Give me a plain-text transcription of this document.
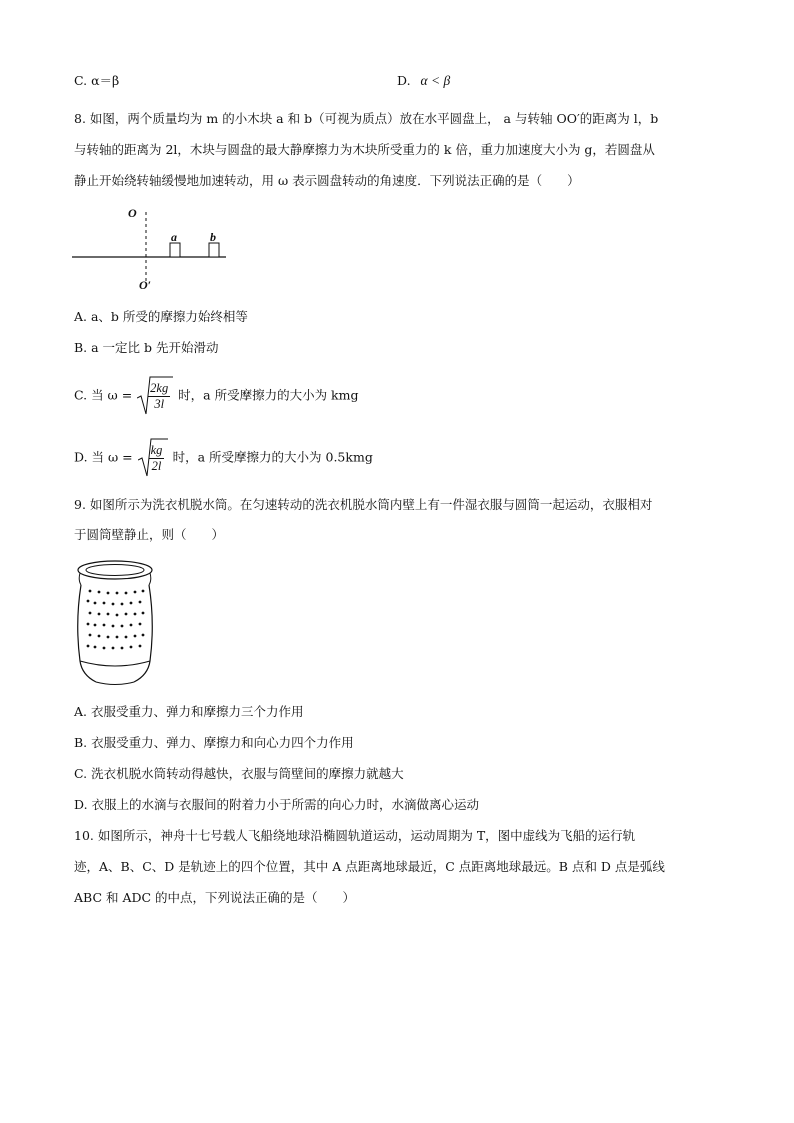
C. α＝β	D. α < β
8. 如图，两个质量均为 m 的小木块 a 和 b（可视为质点）放在水平圆盘上， a 与转轴 OO′的距离为 l，b
与转轴的距离为 2l，木块与圆盘的最大静摩擦力为木块所受重力的 k 倍，重力加速度大小为 g，若圆盘从
静止开始绕转轴缓慢地加速转动，用 ω 表示圆盘转动的角速度．下列说法正确的是（　　）
O
O′
a	b
A. a、b 所受的摩擦力始终相等
B. a 一定比 b 先开始滑动
C. 当 $\omega = \frac{2kg}{3l}$ 时，a 所受摩擦力的大小为 kmg
D. 当 $\omega = \frac{kg}{2l}$ 时，a 所受摩擦力的大小为 0.5kmg
9. 如图所示为洗衣机脱水筒。在匀速转动的洗衣机脱水筒内壁上有一件湿衣服与圆筒一起运动，衣服相对
于圆筒壁静止，则（　　）
A. 衣服受重力、弹力和摩擦力三个力作用
B. 衣服受重力、弹力、摩擦力和向心力四个力作用
C. 洗衣机脱水筒转动得越快，衣服与筒壁间的摩擦力就越大
D. 衣服上的水滴与衣服间的附着力小于所需的向心力时，水滴做离心运动
10. 如图所示，神舟十七号载人飞船绕地球沿椭圆轨道运动，运动周期为 T，图中虚线为飞船的运行轨
迹，A、B、C、D 是轨迹上的四个位置，其中 A 点距离地球最近，C 点距离地球最远。B 点和 D 点是弧线
ABC 和 ADC 的中点，下列说法正确的是（　　）
